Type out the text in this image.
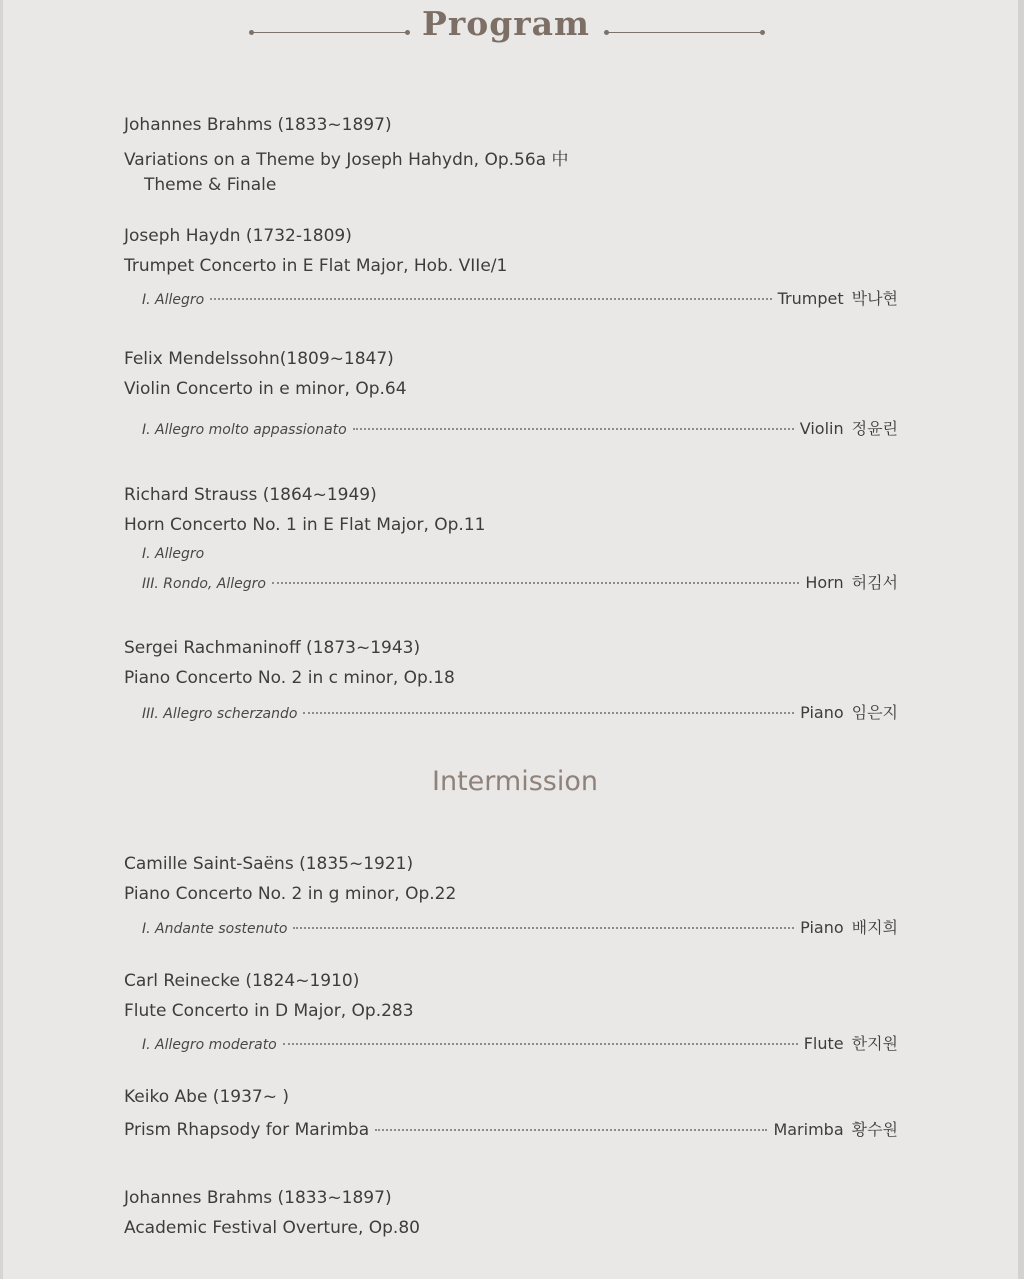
Program
Johannes Brahms (1833~1897)
Variations on a Theme by Joseph Hahydn, Op.56a 中
Theme & Finale
Joseph Haydn (1732-1809)
Trumpet Concerto in E Flat Major, Hob. VIIe/1
I. Allegro	Trumpet 박나현
Felix Mendelssohn(1809~1847)
Violin Concerto in e minor, Op.64
I. Allegro molto appassionato	Violin 정윤린
Richard Strauss (1864~1949)
Horn Concerto No. 1 in E Flat Major, Op.11
I. Allegro
III. Rondo, Allegro	Horn 허김서
Sergei Rachmaninoff (1873~1943)
Piano Concerto No. 2 in c minor, Op.18
III. Allegro scherzando	Piano 임은지
Intermission
Camille Saint-Saëns (1835~1921)
Piano Concerto No. 2 in g minor, Op.22
I. Andante sostenuto	Piano 배지희
Carl Reinecke (1824~1910)
Flute Concerto in D Major, Op.283
I. Allegro moderato	Flute 한지원
Keiko Abe (1937~ )
Prism Rhapsody for Marimba	Marimba 황수원
Johannes Brahms (1833~1897)
Academic Festival Overture, Op.80
